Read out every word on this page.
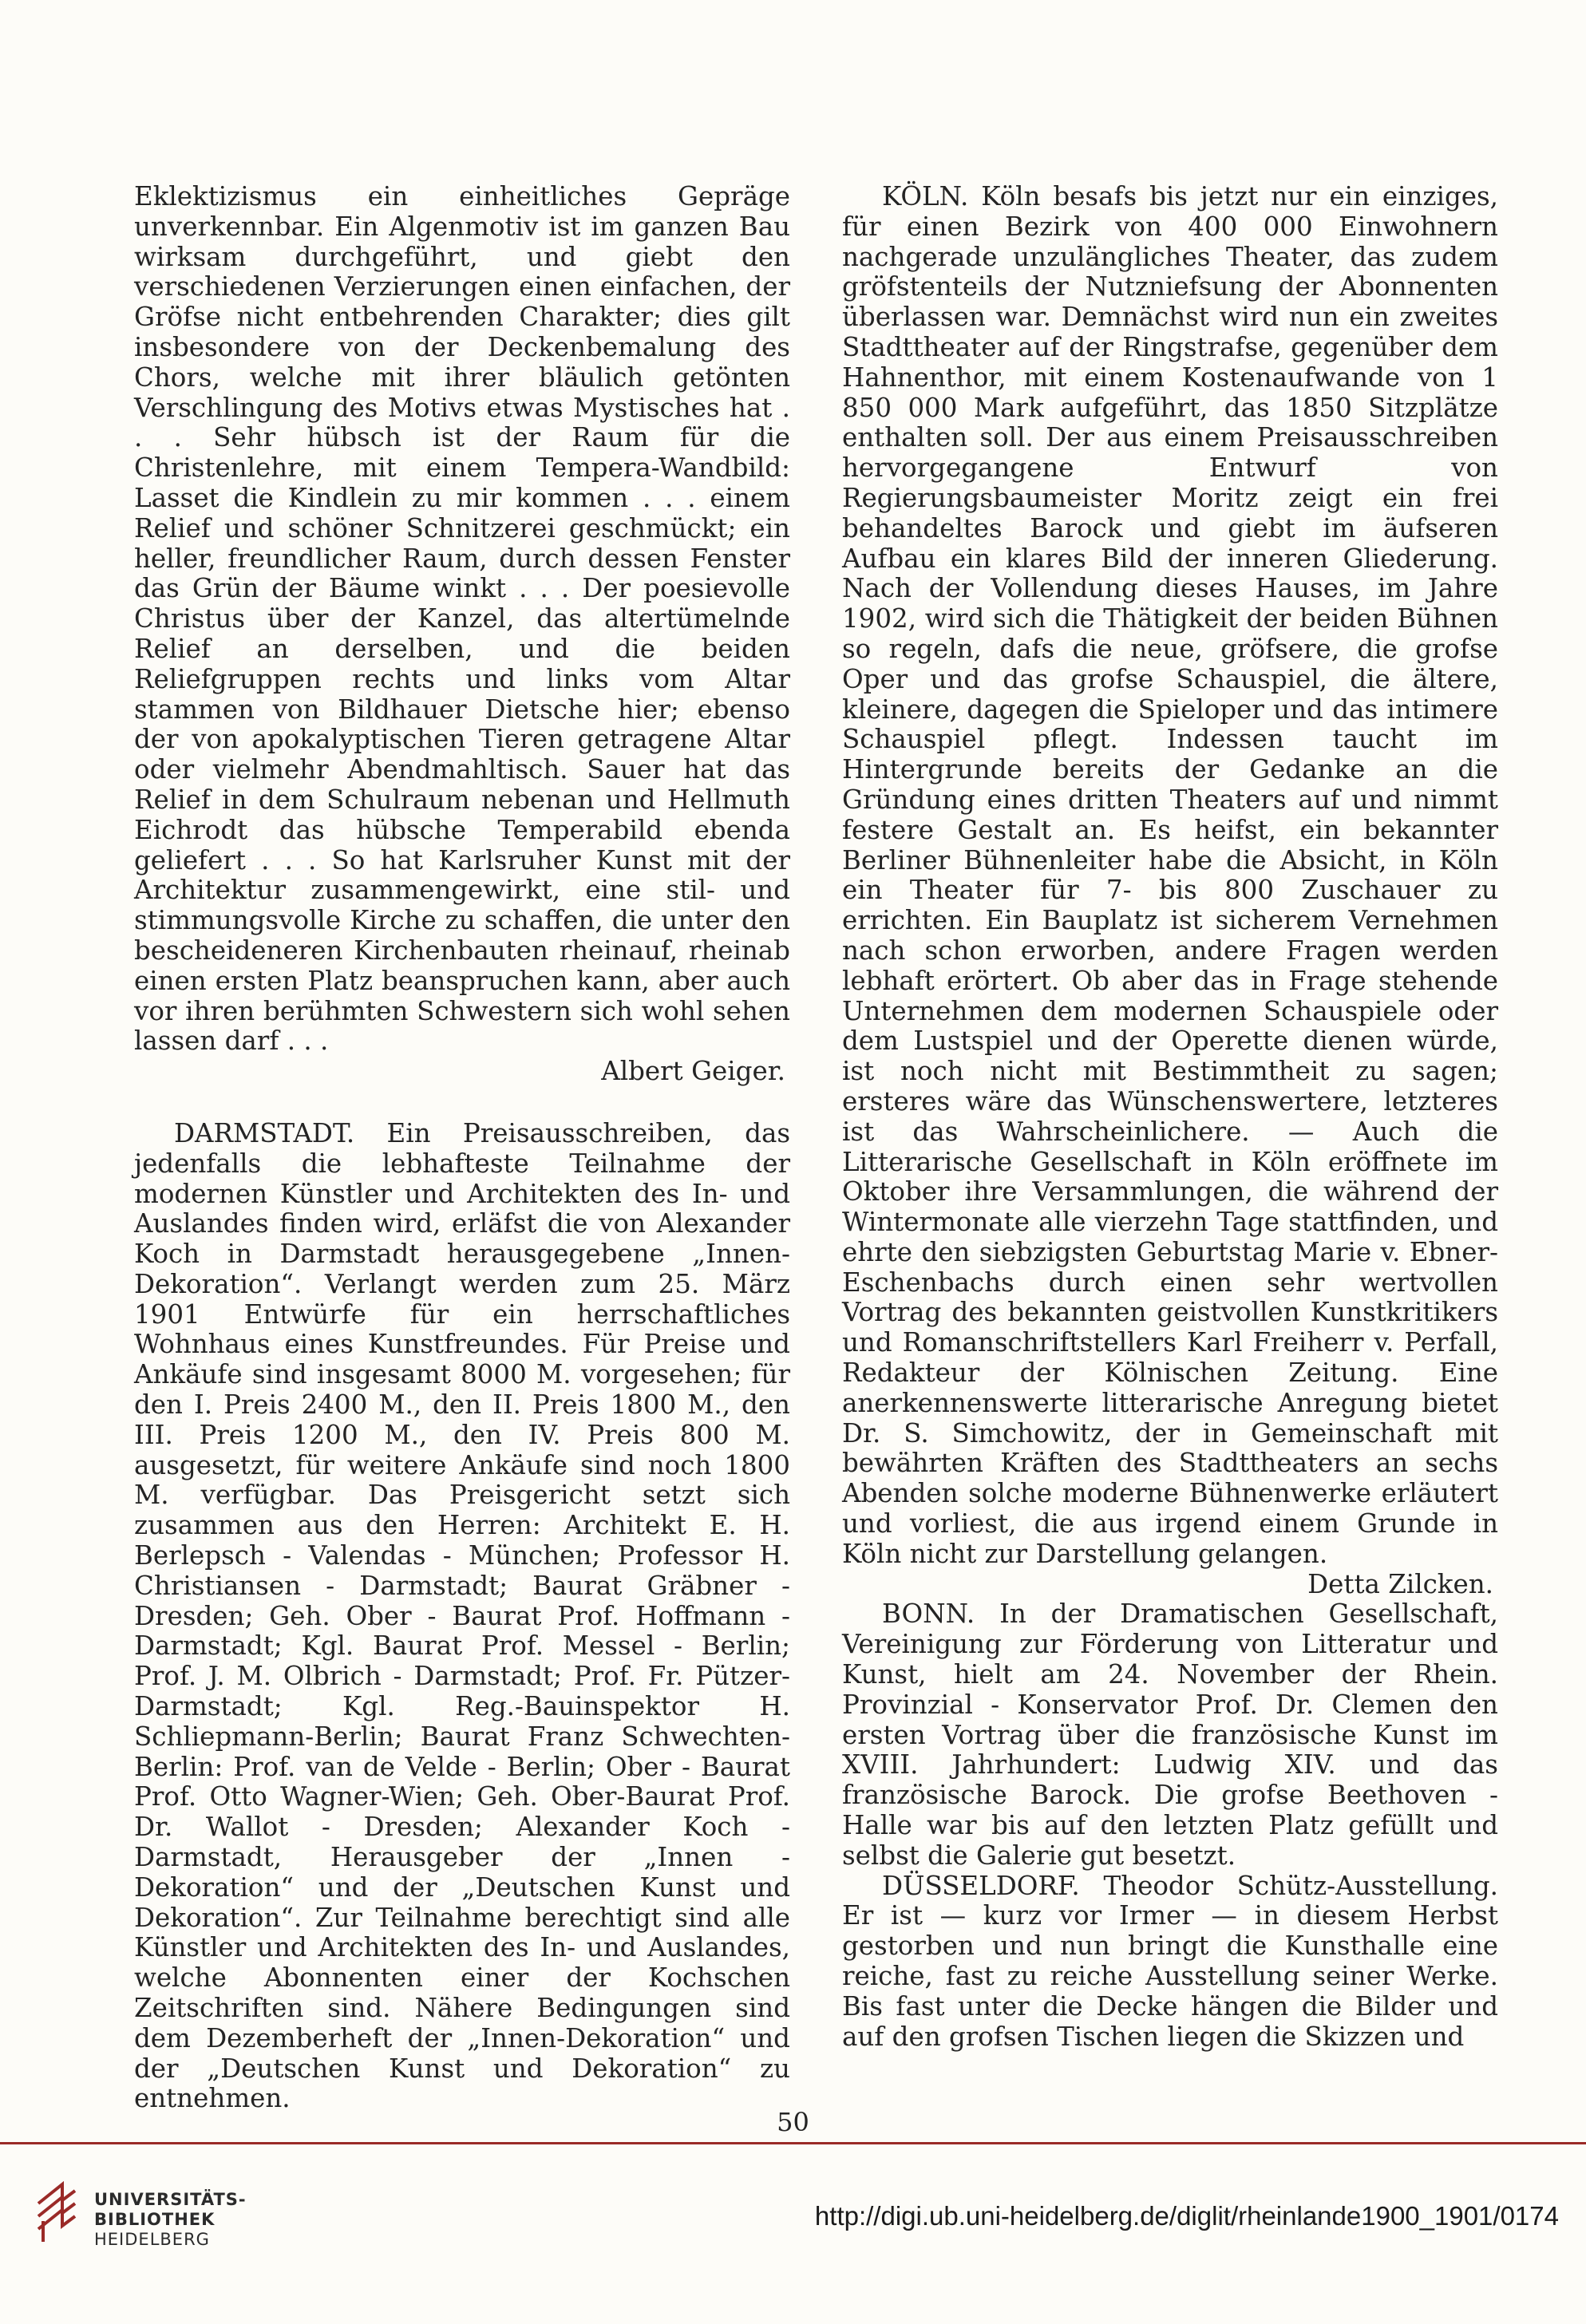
Eklektizismus ein einheitliches Gepräge unverkennbar. Ein Algenmotiv ist im ganzen Bau wirksam durchgeführt, und giebt den verschiedenen Verzierungen einen einfachen, der Gröfse nicht entbehrenden Charakter; dies gilt insbesondere von der Deckenbemalung des Chors, welche mit ihrer bläulich getönten Verschlingung des Motivs etwas Mystisches hat . . . Sehr hübsch ist der Raum für die Christenlehre, mit einem Tempera-Wandbild: Lasset die Kindlein zu mir kommen . . . einem Relief und schöner Schnitzerei geschmückt; ein heller, freundlicher Raum, durch dessen Fenster das Grün der Bäume winkt . . . Der poesievolle Christus über der Kanzel, das altertümelnde Relief an derselben, und die beiden Reliefgruppen rechts und links vom Altar stammen von Bildhauer Dietsche hier; ebenso der von apokalyptischen Tieren getragene Altar oder vielmehr Abendmahltisch. Sauer hat das Relief in dem Schulraum nebenan und Hellmuth Eichrodt das hübsche Temperabild ebenda geliefert . . . So hat Karlsruher Kunst mit der Architektur zusammengewirkt, eine stil- und stimmungsvolle Kirche zu schaffen, die unter den bescheideneren Kirchenbauten rheinauf, rheinab einen ersten Platz beanspruchen kann, aber auch vor ihren berühmten Schwestern sich wohl sehen lassen darf . . .

Albert Geiger.

DARMSTADT. Ein Preisausschreiben, das jedenfalls die lebhafteste Teilnahme der modernen Künstler und Architekten des In- und Auslandes finden wird, erläfst die von Alexander Koch in Darmstadt herausgegebene „Innen-Dekoration“. Verlangt werden zum 25. März 1901 Entwürfe für ein herrschaftliches Wohnhaus eines Kunstfreundes. Für Preise und Ankäufe sind insgesamt 8000 M. vorgesehen; für den I. Preis 2400 M., den II. Preis 1800 M., den III. Preis 1200 M., den IV. Preis 800 M. ausgesetzt, für weitere Ankäufe sind noch 1800 M. verfügbar. Das Preisgericht setzt sich zusammen aus den Herren: Architekt E. H. Berlepsch - Valendas - München; Professor H. Christiansen - Darmstadt; Baurat Gräbner - Dresden; Geh. Ober - Baurat Prof. Hoffmann - Darmstadt; Kgl. Baurat Prof. Messel - Berlin; Prof. J. M. Olbrich - Darmstadt; Prof. Fr. Pützer-Darmstadt; Kgl. Reg.-Bauinspektor H. Schliepmann-Berlin; Baurat Franz Schwechten-Berlin: Prof. van de Velde - Berlin; Ober - Baurat Prof. Otto Wagner-Wien; Geh. Ober-Baurat Prof. Dr. Wallot - Dresden; Alexander Koch - Darmstadt, Herausgeber der „Innen - Dekoration“ und der „Deutschen Kunst und Dekoration“. Zur Teilnahme berechtigt sind alle Künstler und Architekten des In- und Auslandes, welche Abonnenten einer der Kochschen Zeitschriften sind. Nähere Bedingungen sind dem Dezemberheft der „Innen-Dekoration“ und der „Deutschen Kunst und Dekoration“ zu entnehmen.

KÖLN. Köln besafs bis jetzt nur ein einziges, für einen Bezirk von 400 000 Einwohnern nachgerade unzulängliches Theater, das zudem gröfstenteils der Nutzniefsung der Abonnenten überlassen war. Demnächst wird nun ein zweites Stadttheater auf der Ringstrafse, gegenüber dem Hahnenthor, mit einem Kostenaufwande von 1 850 000 Mark aufgeführt, das 1850 Sitzplätze enthalten soll. Der aus einem Preisausschreiben hervorgegangene Entwurf von Regierungsbaumeister Moritz zeigt ein frei behandeltes Barock und giebt im äufseren Aufbau ein klares Bild der inneren Gliederung. Nach der Vollendung dieses Hauses, im Jahre 1902, wird sich die Thätigkeit der beiden Bühnen so regeln, dafs die neue, gröfsere, die grofse Oper und das grofse Schauspiel, die ältere, kleinere, dagegen die Spieloper und das intimere Schauspiel pflegt. Indessen taucht im Hintergrunde bereits der Gedanke an die Gründung eines dritten Theaters auf und nimmt festere Gestalt an. Es heifst, ein bekannter Berliner Bühnenleiter habe die Absicht, in Köln ein Theater für 7- bis 800 Zuschauer zu errichten. Ein Bauplatz ist sicherem Vernehmen nach schon erworben, andere Fragen werden lebhaft erörtert. Ob aber das in Frage stehende Unternehmen dem modernen Schauspiele oder dem Lustspiel und der Operette dienen würde, ist noch nicht mit Bestimmtheit zu sagen; ersteres wäre das Wünschenswertere, letzteres ist das Wahrscheinlichere. — Auch die Litterarische Gesellschaft in Köln eröffnete im Oktober ihre Versammlungen, die während der Wintermonate alle vierzehn Tage stattfinden, und ehrte den siebzigsten Geburtstag Marie v. Ebner-Eschenbachs durch einen sehr wertvollen Vortrag des bekannten geistvollen Kunstkritikers und Romanschriftstellers Karl Freiherr v. Perfall, Redakteur der Kölnischen Zeitung. Eine anerkennenswerte litterarische Anregung bietet Dr. S. Simchowitz, der in Gemeinschaft mit bewährten Kräften des Stadttheaters an sechs Abenden solche moderne Bühnenwerke erläutert und vorliest, die aus irgend einem Grunde in Köln nicht zur Darstellung gelangen.

Detta Zilcken.

BONN. In der Dramatischen Gesellschaft, Vereinigung zur Förderung von Litteratur und Kunst, hielt am 24. November der Rhein. Provinzial - Konservator Prof. Dr. Clemen den ersten Vortrag über die französische Kunst im XVIII. Jahrhundert: Ludwig XIV. und das französische Barock. Die grofse Beethoven - Halle war bis auf den letzten Platz gefüllt und selbst die Galerie gut besetzt.

DÜSSELDORF. Theodor Schütz-Ausstellung. Er ist — kurz vor Irmer — in diesem Herbst gestorben und nun bringt die Kunsthalle eine reiche, fast zu reiche Ausstellung seiner Werke. Bis fast unter die Decke hängen die Bilder und auf den grofsen Tischen liegen die Skizzen und

50
UNIVERSITÄTS-
BIBLIOTHEK
HEIDELBERG
http://digi.ub.uni-heidelberg.de/diglit/rheinlande1900_1901/0174
